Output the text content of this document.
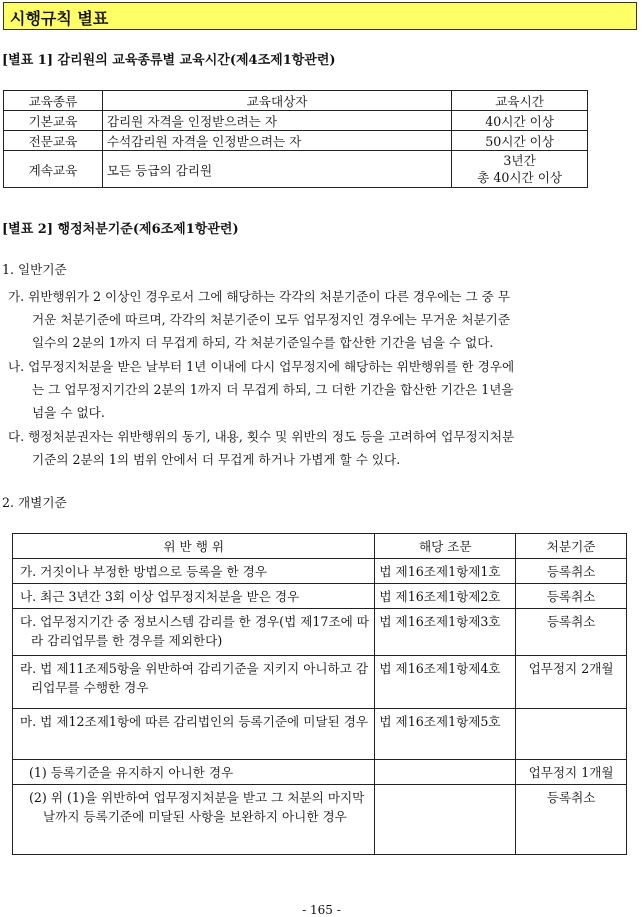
시행규칙 별표
[별표 1] 감리원의 교육종류별 교육시간(제4조제1항관련)
교육종류	교육대상자	교육시간
기본교육	감리원 자격을 인정받으려는 자	40시간 이상
전문교육	수석감리원 자격을 인정받으려는 자	50시간 이상
계속교육	모든 등급의 감리원	3년간
총 40시간 이상
[별표 2] 행정처분기준(제6조제1항관련)
1. 일반기준
가. 위반행위가 2 이상인 경우로서 그에 해당하는 각각의 처분기준이 다른 경우에는 그 중 무
거운 처분기준에 따르며, 각각의 처분기준이 모두 업무정지인 경우에는 무거운 처분기준
일수의 2분의 1까지 더 무겁게 하되, 각 처분기준일수를 합산한 기간을 넘을 수 없다.
나. 업무정지처분을 받은 날부터 1년 이내에 다시 업무정지에 해당하는 위반행위를 한 경우에
는 그 업무정지기간의 2분의 1까지 더 무겁게 하되, 그 더한 기간을 합산한 기간은 1년을
넘을 수 없다.
다. 행정처분권자는 위반행위의 동기, 내용, 횟수 및 위반의 정도 등을 고려하여 업무정지처분
기준의 2분의 1의 범위 안에서 더 무겁게 하거나 가볍게 할 수 있다.
2. 개별기준
위 반 행 위	해당 조문	처분기준
가. 거짓이나 부정한 방법으로 등록을 한 경우	법 제16조제1항제1호	등록취소
나. 최근 3년간 3회 이상 업무정지처분을 받은 경우	법 제16조제1항제2호	등록취소
다. 업무정지기간 중 정보시스템 감리를 한 경우(법 제17조에 따라 감리업무를 한 경우를 제외한다)	법 제16조제1항제3호	등록취소
라. 법 제11조제5항을 위반하여 감리기준을 지키지 아니하고 감리업무를 수행한 경우	법 제16조제1항제4호	업무정지 2개월
마. 법 제12조제1항에 따른 감리법인의 등록기준에 미달된 경우	법 제16조제1항제5호	
(1) 등록기준을 유지하지 아니한 경우		업무정지 1개월
(2) 위 (1)을 위반하여 업무정지처분을 받고 그 처분의 마지막 날까지 등록기준에 미달된 사항을 보완하지 아니한 경우		등록취소
- 165 -
